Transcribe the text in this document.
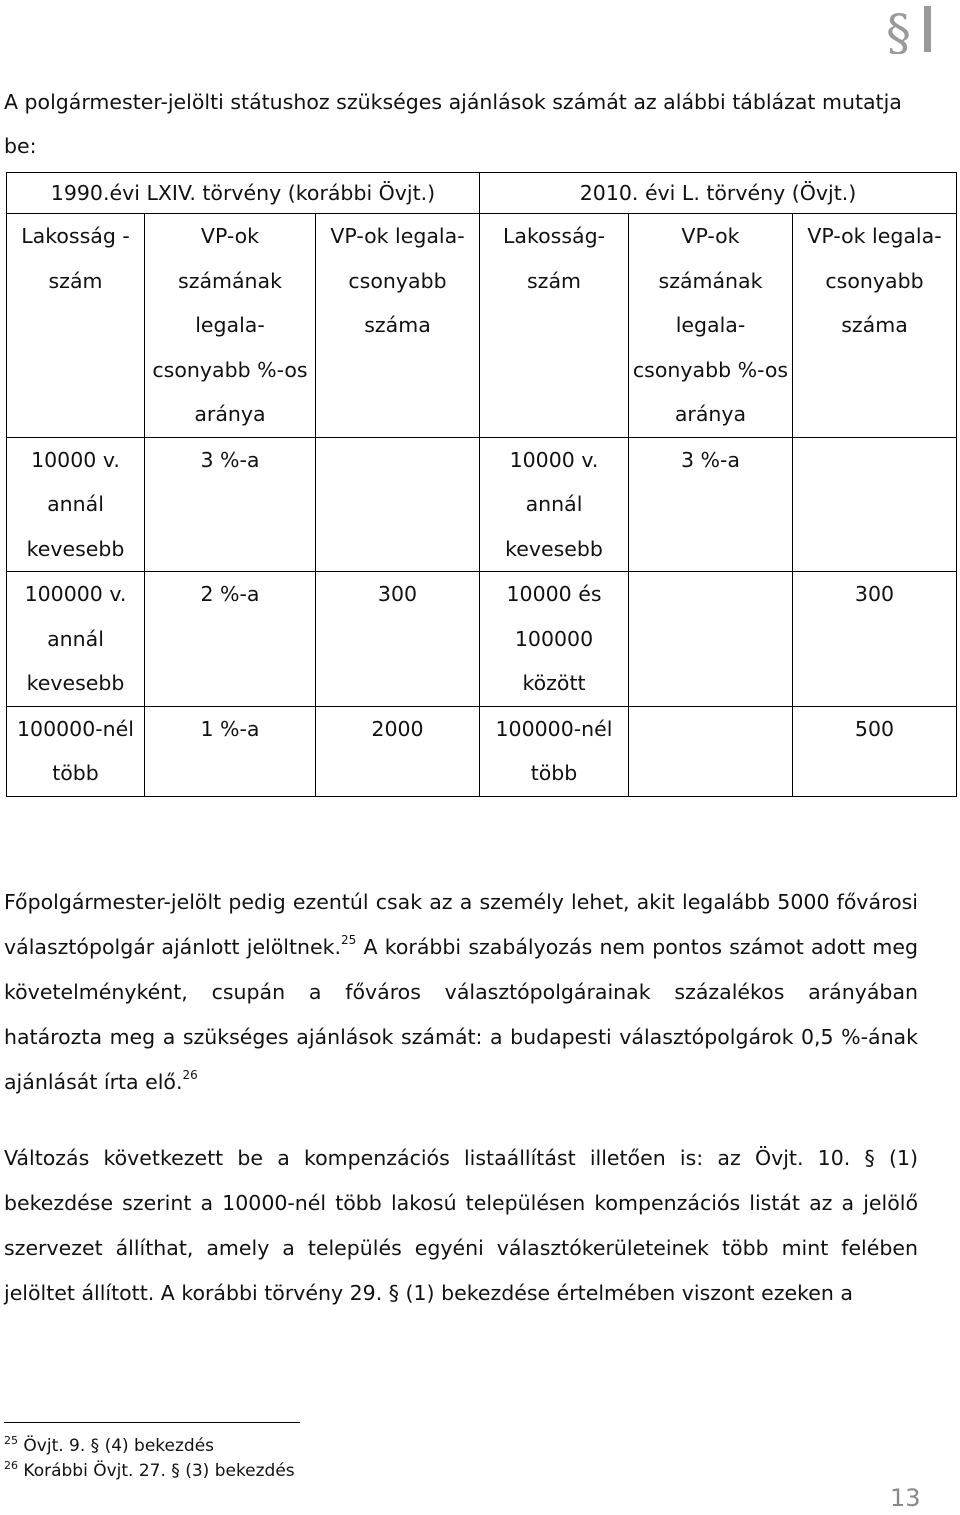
§
A polgármester-jelölti státushoz szükséges ajánlások számát az alábbi táblázat mutatja be:
1990.évi LXIV. törvény (korábbi Övjt.)			2010. évi L. törvény (Övjt.)		
Lakosság -szám	VP-ok számának legala-csonyabb %-os aránya	VP-ok legala-csonyabb száma	Lakosság-szám	VP-ok számának legala-csonyabb %-os aránya	VP-ok legala-csonyabb száma
10000 v. annál kevesebb	3 %-a		10000 v. annál kevesebb	3 %-a	
100000 v. annál kevesebb	2 %-a	300	10000 és 100000 között		300
100000-nél több	1 %-a	2000	100000-nél több		500
Főpolgármester-jelölt pedig ezentúl csak az a személy lehet, akit legalább 5000 fővárosi választópolgár ajánlott jelöltnek.$^{25}$ A korábbi szabályozás nem pontos számot adott meg követelményként, csupán a főváros választópolgárainak százalékos arányában határozta meg a szükséges ajánlások számát: a budapesti választópolgárok 0,5 %-ának ajánlását írta elő.$^{26}$
Változás következett be a kompenzációs listaállítást illetően is: az Övjt. 10. § (1) bekezdése szerint a 10000-nél több lakosú településen kompenzációs listát az a jelölő szervezet állíthat, amely a település egyéni választókerületeinek több mint felében jelöltet állított. A korábbi törvény 29. § (1) bekezdése értelmében viszont ezeken a
$^{25}$ Övjt. 9. § (4) bekezdés
$^{26}$ Korábbi Övjt. 27. § (3) bekezdés
13
